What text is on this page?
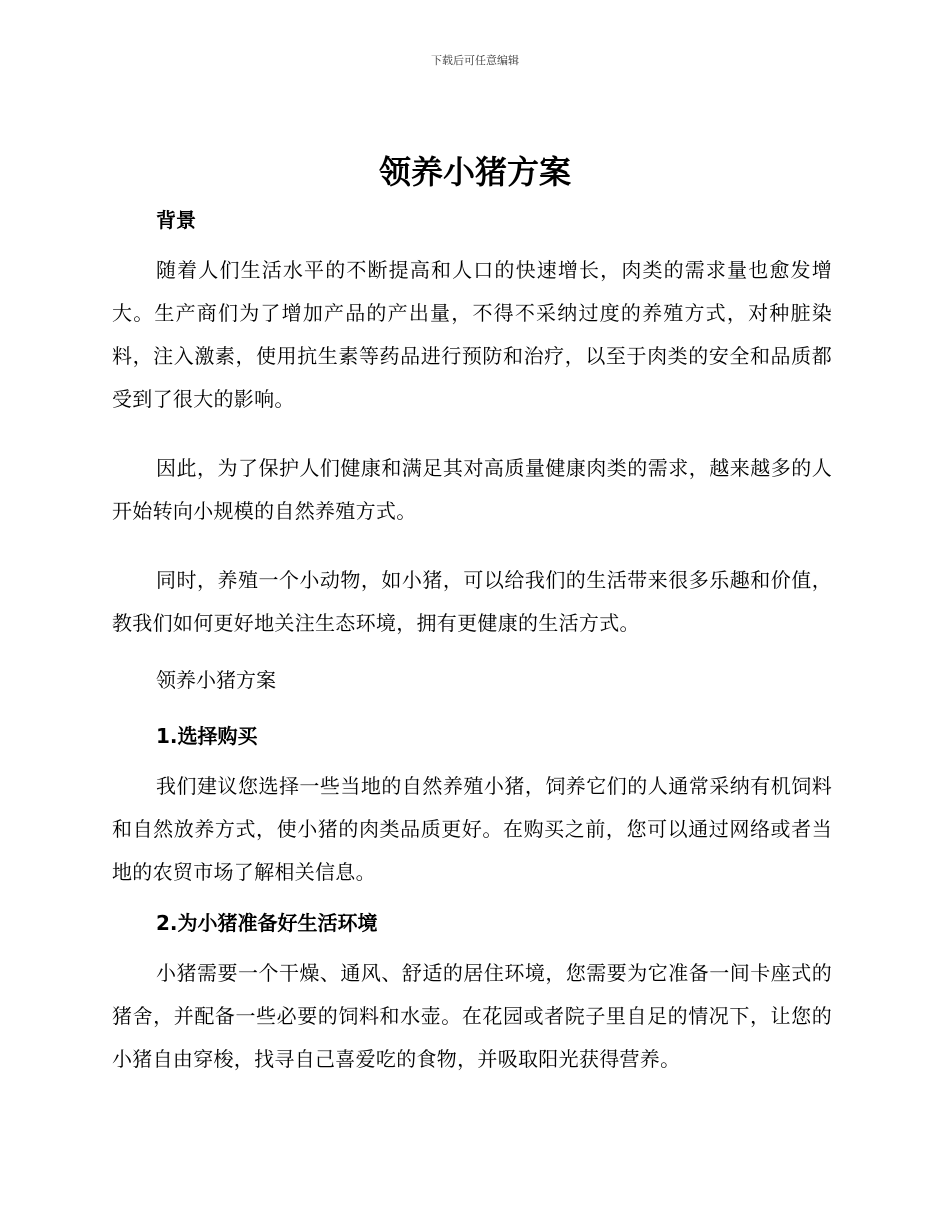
下载后可任意编辑
领养小猪方案
背景

随着人们生活水平的不断提高和人口的快速增长，肉类的需求量也愈发增大。生产商们为了增加产品的产出量，不得不采纳过度的养殖方式，对种脏染料，注入激素，使用抗生素等药品进行预防和治疗，以至于肉类的安全和品质都受到了很大的影响。

因此，为了保护人们健康和满足其对高质量健康肉类的需求，越来越多的人开始转向小规模的自然养殖方式。

同时，养殖一个小动物，如小猪，可以给我们的生活带来很多乐趣和价值，教我们如何更好地关注生态环境，拥有更健康的生活方式。

领养小猪方案
1.选择购买

我们建议您选择一些当地的自然养殖小猪，饲养它们的人通常采纳有机饲料和自然放养方式，使小猪的肉类品质更好。在购买之前，您可以通过网络或者当地的农贸市场了解相关信息。

2.为小猪准备好生活环境

小猪需要一个干燥、通风、舒适的居住环境，您需要为它准备一间卡座式的猪舍，并配备一些必要的饲料和水壶。在花园或者院子里自足的情况下，让您的小猪自由穿梭，找寻自己喜爱吃的食物，并吸取阳光获得营养。
